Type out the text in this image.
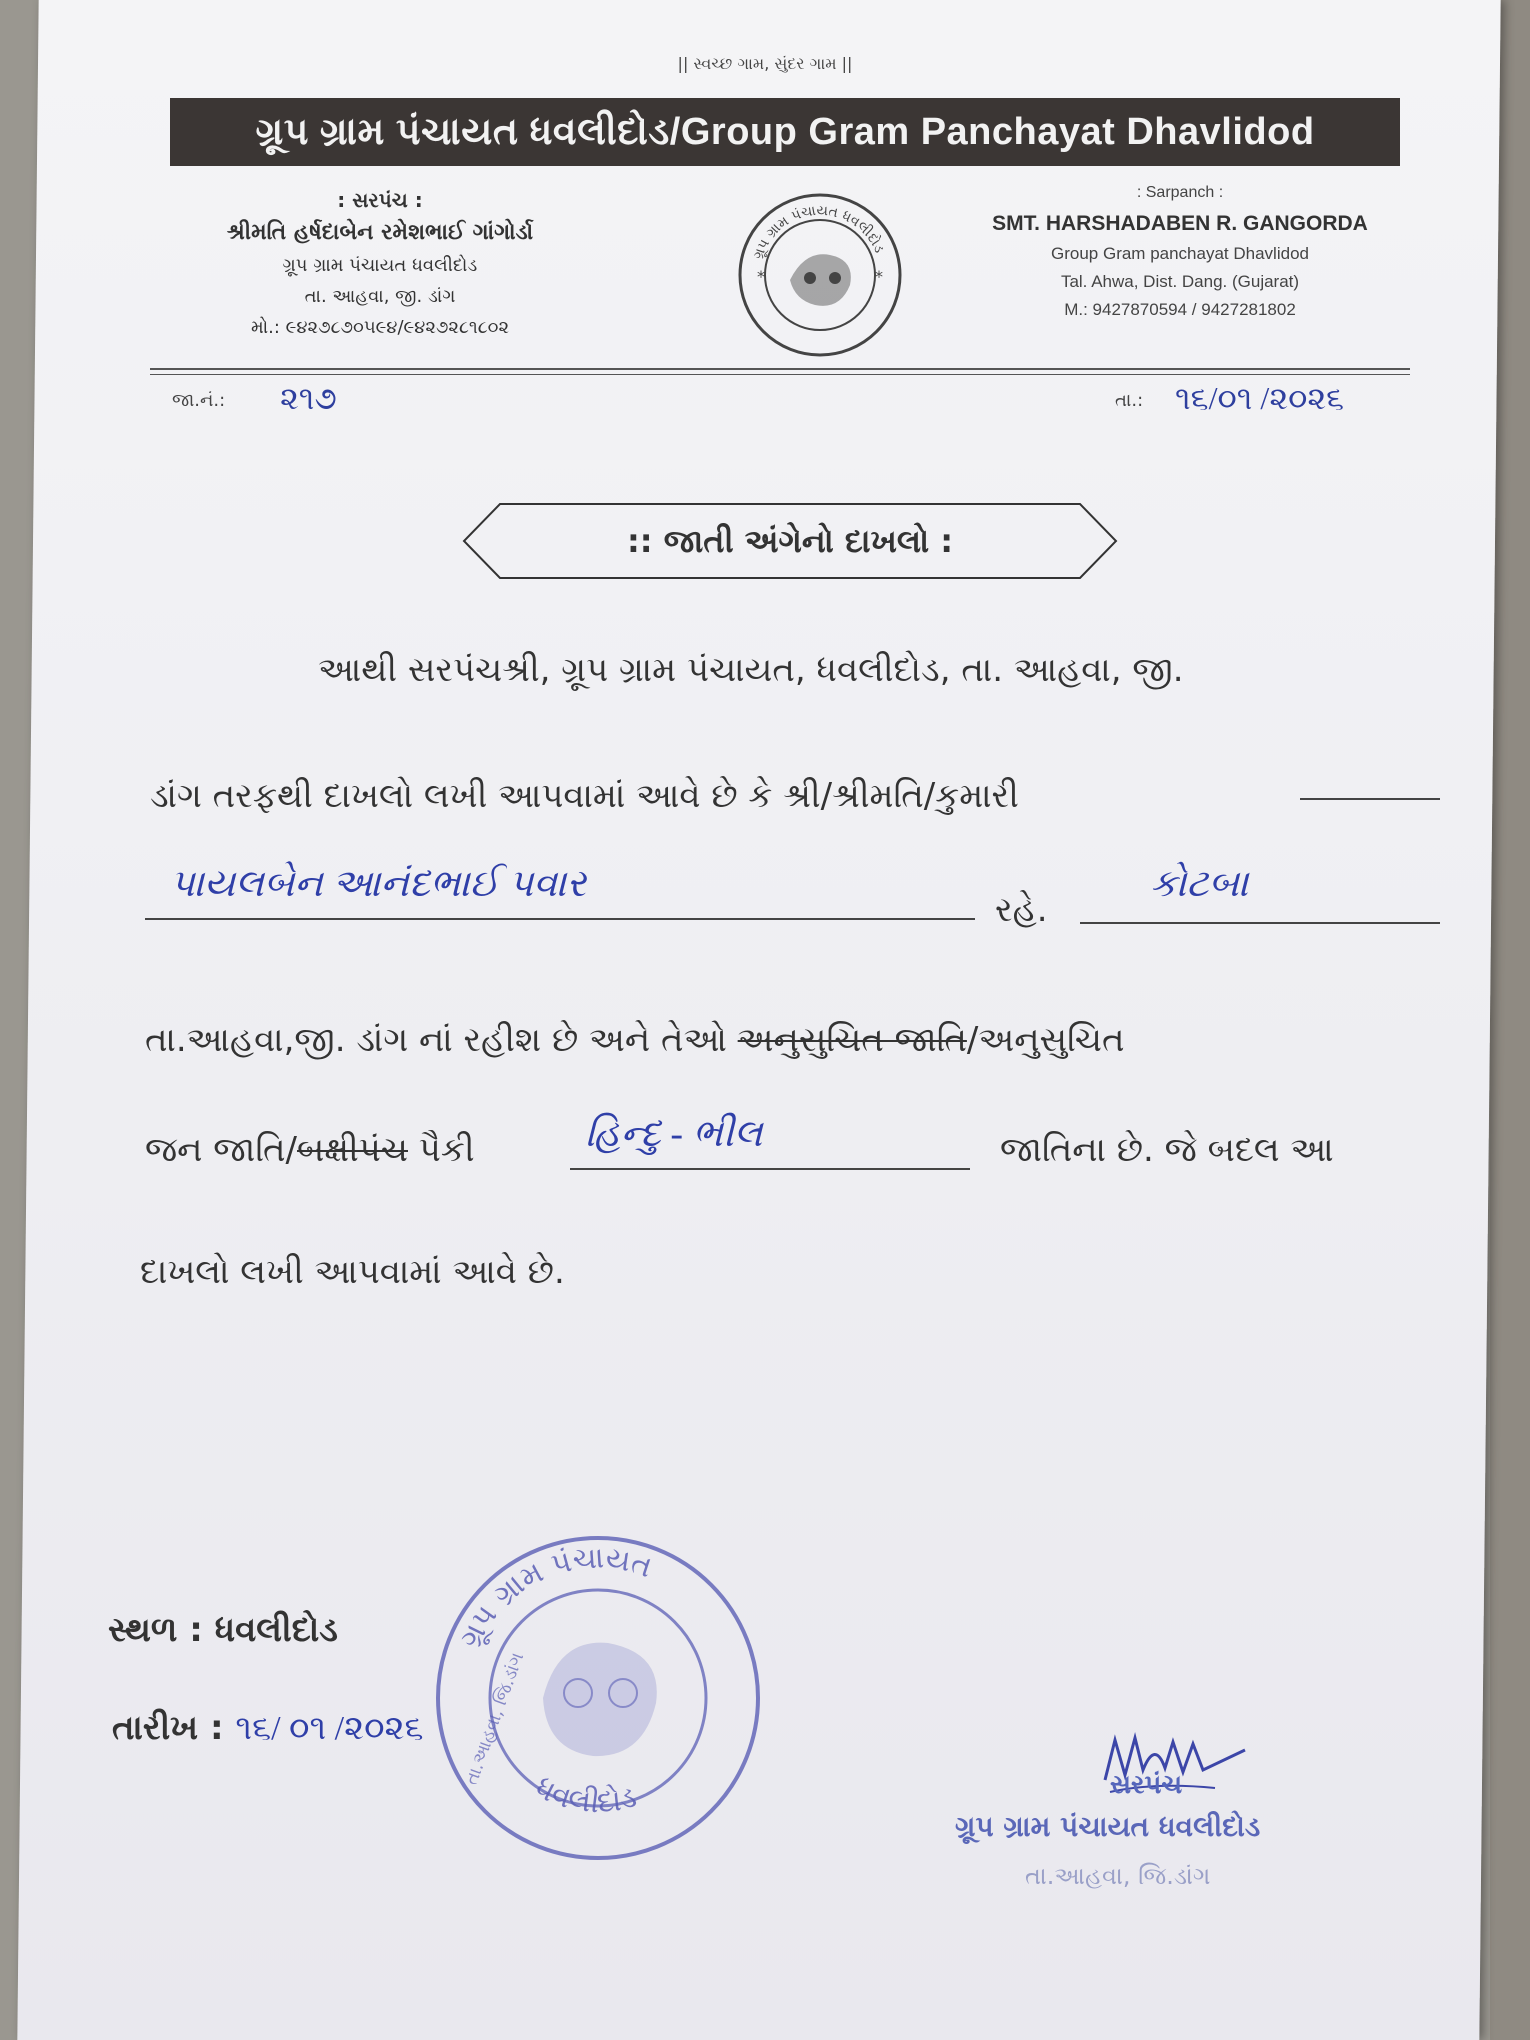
|| સ્વચ્છ ગામ, સુંદર ગામ ||
ગ્રૂપ ગ્રામ પંચાયત ધવલીદોડ/Group Gram Panchayat Dhavlidod
: સરપંચ :
શ્રીમતિ હર્ષદાબેન રમેશભાઈ ગાંગોર્ડા
ગ્રૂપ ગ્રામ પંચાયત ધવલીદોડ
તા. આહવા, જી. ડાંગ
મો.: ૯૪૨૭૮૭૦૫૯૪/૯૪૨૭૨૮૧૮૦૨
*	*
ગ્રૂપ ગ્રામ પંચાયત ધવલીદોડ
: Sarpanch :
SMT. HARSHADABEN R. GANGORDA
Group Gram panchayat Dhavlidod
Tal. Ahwa, Dist. Dang. (Gujarat)
M.: 9427870594 / 9427281802
જા.નં.: ૨૧૭	તા.: ૧૬/૦૧ /૨૦૨૬
:: જાતી અંગેનો દાખલો :
આથી સરપંચશ્રી, ગ્રૂપ ગ્રામ પંચાયત, ધવલીદોડ, તા. આહવા, જી.
ડાંગ તરફથી દાખલો લખી આપવામાં આવે છે કે શ્રી/શ્રીમતિ/કુમારી
પાયલબેન આનંદભાઈ પવાર
રહે.
કોટબા
તા.આહવા,જી. ડાંગ નાં રહીશ છે અને તેઓ અનુસુચિત જાતિ/અનુસુચિત
જન જાતિ/બક્ષીપંચ પૈકી	હિન્દુ - ભીલ	જાતિના છે. જે બદલ આ
દાખલો લખી આપવામાં આવે છે.
સ્થળ : ધવલીદોડ
તારીખ : ૧૬/ ૦૧ /૨૦૨૬
ગ્રૂપ ગ્રામ પંચાયત
ધવલીદોડ
તા.આહવા, જિ.ડાંગ	સરપંચ
ગ્રૂપ ગ્રામ પંચાયત ધવલીદોડ
તા.આહવા, જિ.ડાંગ
